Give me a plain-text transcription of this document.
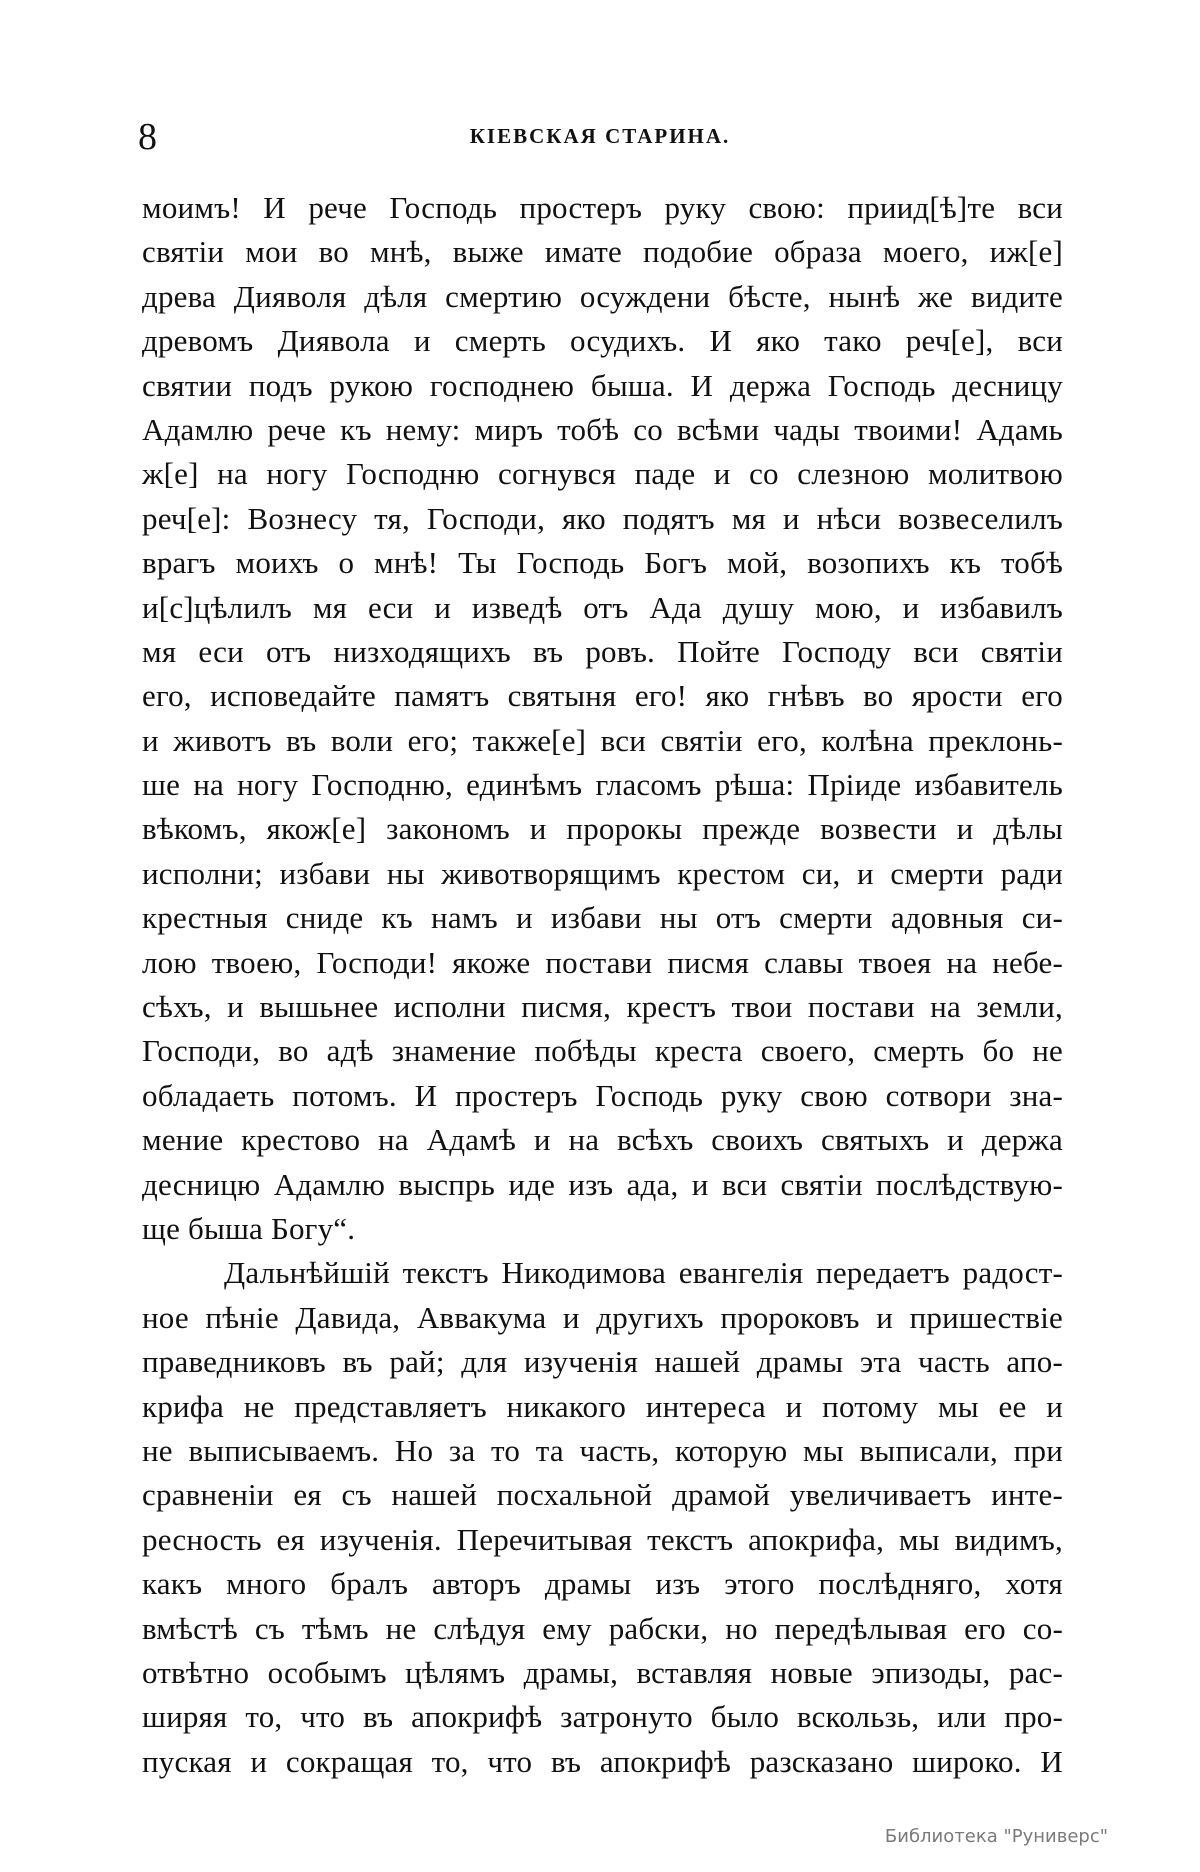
8	КІЕВСКАЯ СТАРИНА.
моимъ! И рече Господь простеръ руку свою: приид[ѣ]те вси
святіи мои во мнѣ, выже имате подобие образа моего, иж[е]
древа Дияволя дѣля смертию осуждени бѣсте, нынѣ же видите
древомъ Диявола и смерть осудихъ. И яко тако реч[е], вси
святии подъ рукою господнею быша. И держа Господь десницу
Адамлю рече къ нему: миръ тобѣ со всѣми чады твоими! Адамь
ж[е] на ногу Господню согнувся паде и со слезною молитвою
реч[е]: Вознесу тя, Господи, яко подятъ мя и нѣси возвеселилъ
врагъ моихъ о мнѣ! Ты Господь Богъ мой, возопихъ къ тобѣ
и[с]цѣлилъ мя еси и изведѣ отъ Ада душу мою, и избавилъ
мя еси отъ низходящихъ въ ровъ. Пойте Господу вси святіи
его, исповедайте памятъ святыня его! яко гнѣвъ во ярости его
и животъ въ воли его; также[е] вси святіи его, колѣна преклонь-
ше на ногу Господню, единѣмъ гласомъ рѣша: Пріиде избавитель
вѣкомъ, якож[е] закономъ и пророкы прежде возвести и дѣлы
исполни; избави ны животворящимъ крестом си, и смерти ради
крестныя сниде къ намъ и избави ны отъ смерти адовныя си-
лою твоею, Господи! якоже постави писмя славы твоея на небе-
сѣхъ, и вышьнее исполни писмя, крестъ твои постави на земли,
Господи, во адѣ знамение побѣды креста своего, смерть бо не
обладаеть потомъ. И простеръ Господь руку свою сотвори зна-
мение крестово на Адамѣ и на всѣхъ своихъ святыхъ и держа
десницю Адамлю выспрь иде изъ ада, и вси святіи послѣдствую-
ще быша Богу“.
Дальнѣйшій текстъ Никодимова евангелія передаетъ радост-
ное пѣніе Давида, Аввакума и другихъ пророковъ и пришествіе
праведниковъ въ рай; для изученія нашей драмы эта часть апо-
крифа не представляетъ никакого интереса и потому мы ее и
не выписываемъ. Но за то та часть, которую мы выписали, при
сравненіи ея съ нашей посхальной драмой увеличиваетъ инте-
ресность ея изученія. Перечитывая текстъ апокрифа, мы видимъ,
какъ много бралъ авторъ драмы изъ этого послѣдняго, хотя
вмѣстѣ съ тѣмъ не слѣдуя ему рабски, но передѣлывая его со-
отвѣтно особымъ цѣлямъ драмы, вставляя новые эпизоды, рас-
ширяя то, что въ апокрифѣ затронуто было вскользь, или про-
пуская и сокращая то, что въ апокрифѣ разсказано широко. И
Библиотека "Руниверс"
